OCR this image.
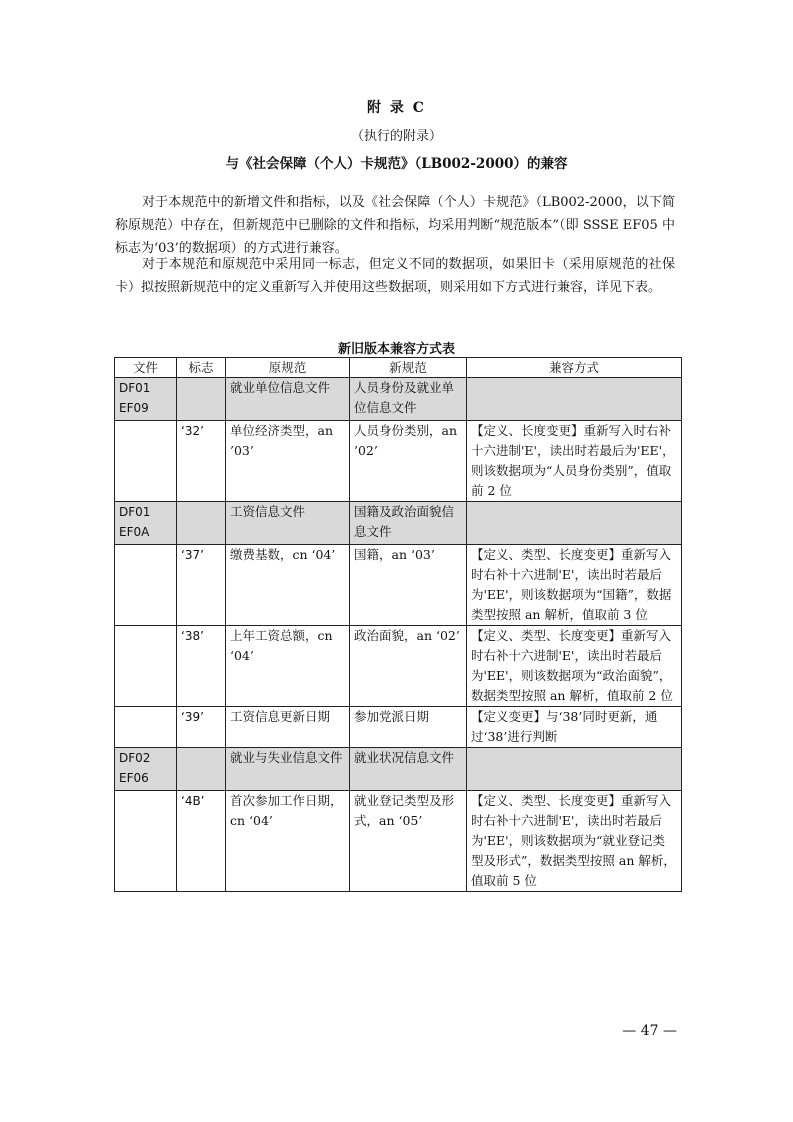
附 录 C
（执行的附录）
与《社会保障（个人）卡规范》（LB002-2000）的兼容

对于本规范中的新增文件和指标，以及《社会保障（个人）卡规范》（LB002-2000，以下简称原规范）中存在，但新规范中已删除的文件和指标，均采用判断“规范版本”（即 SSSE EF05 中标志为‘03’的数据项）的方式进行兼容。

对于本规范和原规范中采用同一标志，但定义不同的数据项，如果旧卡（采用原规范的社保卡）拟按照新规范中的定义重新写入并使用这些数据项，则采用如下方式进行兼容，详见下表。

新旧版本兼容方式表
文件	标志	原规范	新规范	兼容方式
DF01
EF09		就业单位信息文件	人员身份及就业单位信息文件	
	‘32’	单位经济类型，an ’03’	人员身份类别，an ’02’	【定义、长度变更】重新写入时右补十六进制'E'，读出时若最后为'EE'，则该数据项为“人员身份类别”，值取前 2 位
DF01
EF0A		工资信息文件	国籍及政治面貌信息文件	
	‘37’	缴费基数，cn ‘04’	国籍，an ‘03’	【定义、类型、长度变更】重新写入时右补十六进制'E'，读出时若最后为'EE'，则该数据项为“国籍”，数据类型按照 an 解析，值取前 3 位
	‘38’	上年工资总额，cn ‘04’	政治面貌，an ‘02’	【定义、类型、长度变更】重新写入时右补十六进制'E'，读出时若最后为'EE'，则该数据项为“政治面貌”，数据类型按照 an 解析，值取前 2 位
	‘39’	工资信息更新日期	参加党派日期	【定义变更】与‘38’同时更新，通过‘38’进行判断
DF02
EF06		就业与失业信息文件	就业状况信息文件	
	‘4B’	首次参加工作日期，cn ‘04’	就业登记类型及形式，an ‘05’	【定义、类型、长度变更】重新写入时右补十六进制'E'，读出时若最后为'EE'，则该数据项为“就业登记类型及形式”，数据类型按照 an 解析，值取前 5 位
— 47 —
